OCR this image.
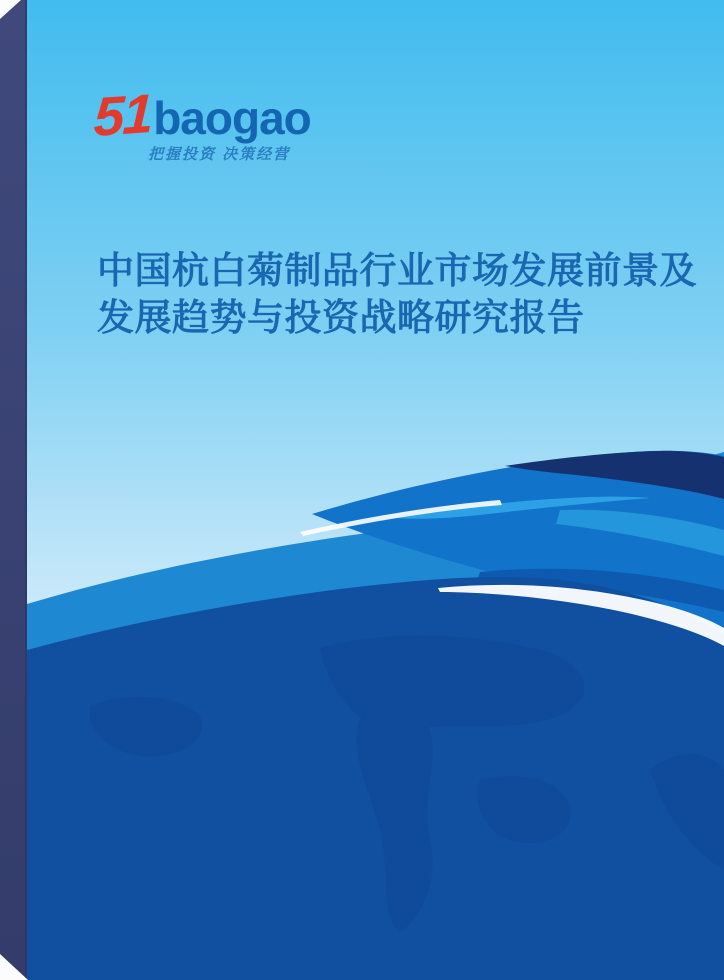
51 baogao
把握投资 决策经营
中国杭白菊制品行业市场发展前景及
发展趋势与投资战略研究报告
